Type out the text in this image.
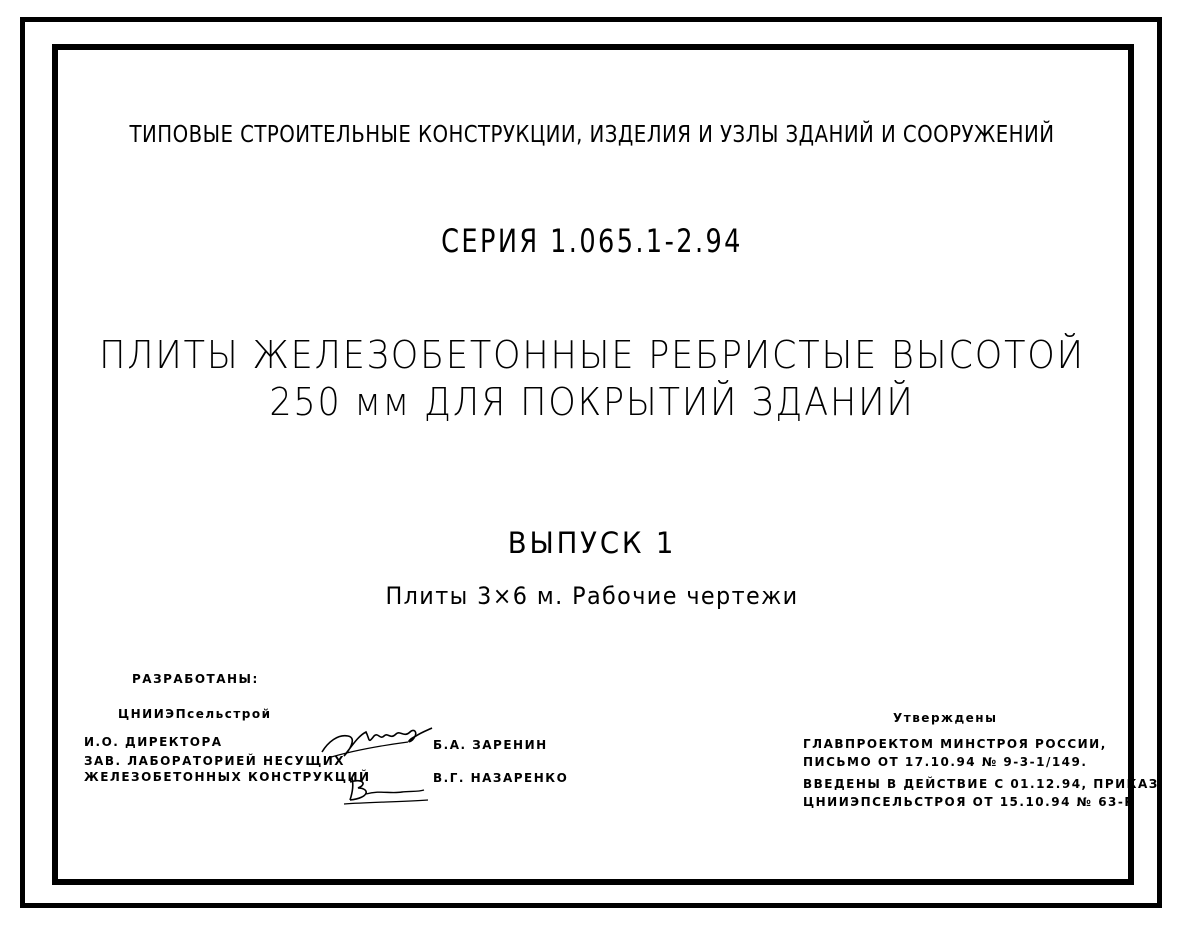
ТИПОВЫЕ СТРОИТЕЛЬНЫЕ КОНСТРУКЦИИ, ИЗДЕЛИЯ И УЗЛЫ ЗДАНИЙ И СООРУЖЕНИЙ
СЕРИЯ 1.065.1-2.94
ПЛИТЫ ЖЕЛЕЗОБЕТОННЫЕ РЕБРИСТЫЕ ВЫСОТОЙ
250 мм ДЛЯ ПОКРЫТИЙ ЗДАНИЙ
ВЫПУСК 1
Плиты 3×6 м. Рабочие чертежи
РАЗРАБОТАНЫ:
ЦНИИЭПсельстрой
И.О. ДИРЕКТОРА
ЗАВ. ЛАБОРАТОРИЕЙ НЕСУЩИХ
ЖЕЛЕЗОБЕТОННЫХ КОНСТРУКЦИЙ
Б.А. ЗАРЕНИН
В.Г. НАЗАРЕНКО
Утверждены
ГЛАВПРОЕКТОМ МИНСТРОЯ РОССИИ,
ПИСЬМО ОТ 17.10.94 № 9-3-1/149.
ВВЕДЕНЫ В ДЕЙСТВИЕ С 01.12.94, ПРИКАЗ
ЦНИИЭПСЕЛЬСТРОЯ ОТ 15.10.94 № 63-Р
